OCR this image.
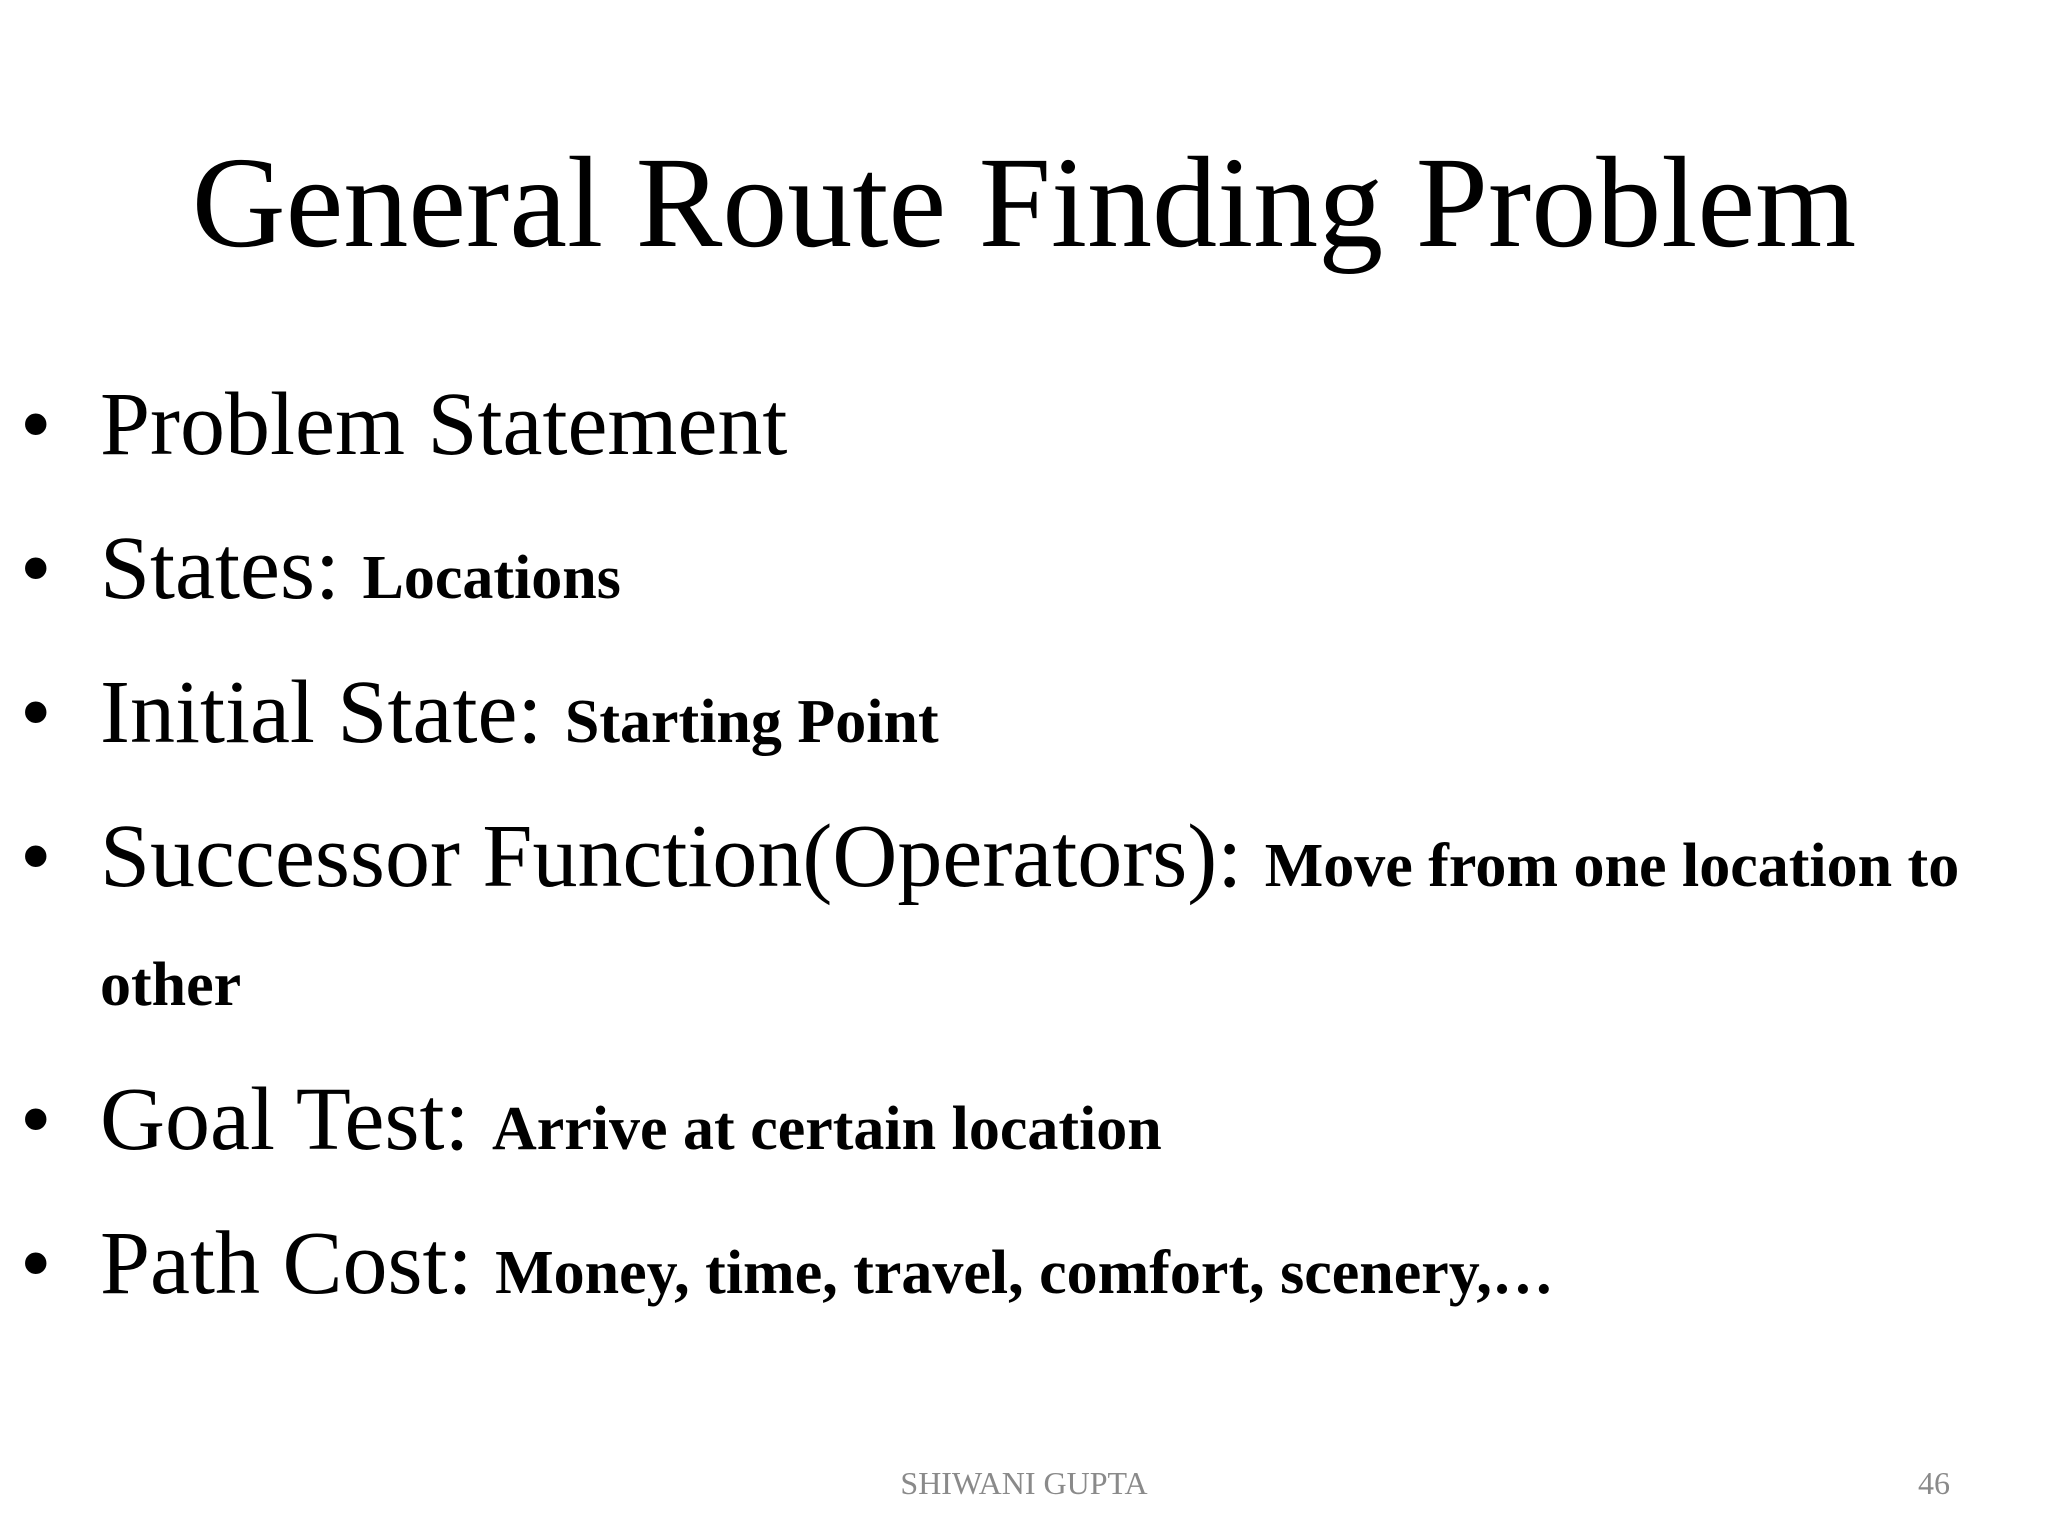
General Route Finding Problem
• Problem Statement
• States: Locations
• Initial State: Starting Point
• Successor Function(Operators): Move from one location to other
• Goal Test: Arrive at certain location
• Path Cost: Money, time, travel, comfort, scenery,…
SHIWANI GUPTA	46
